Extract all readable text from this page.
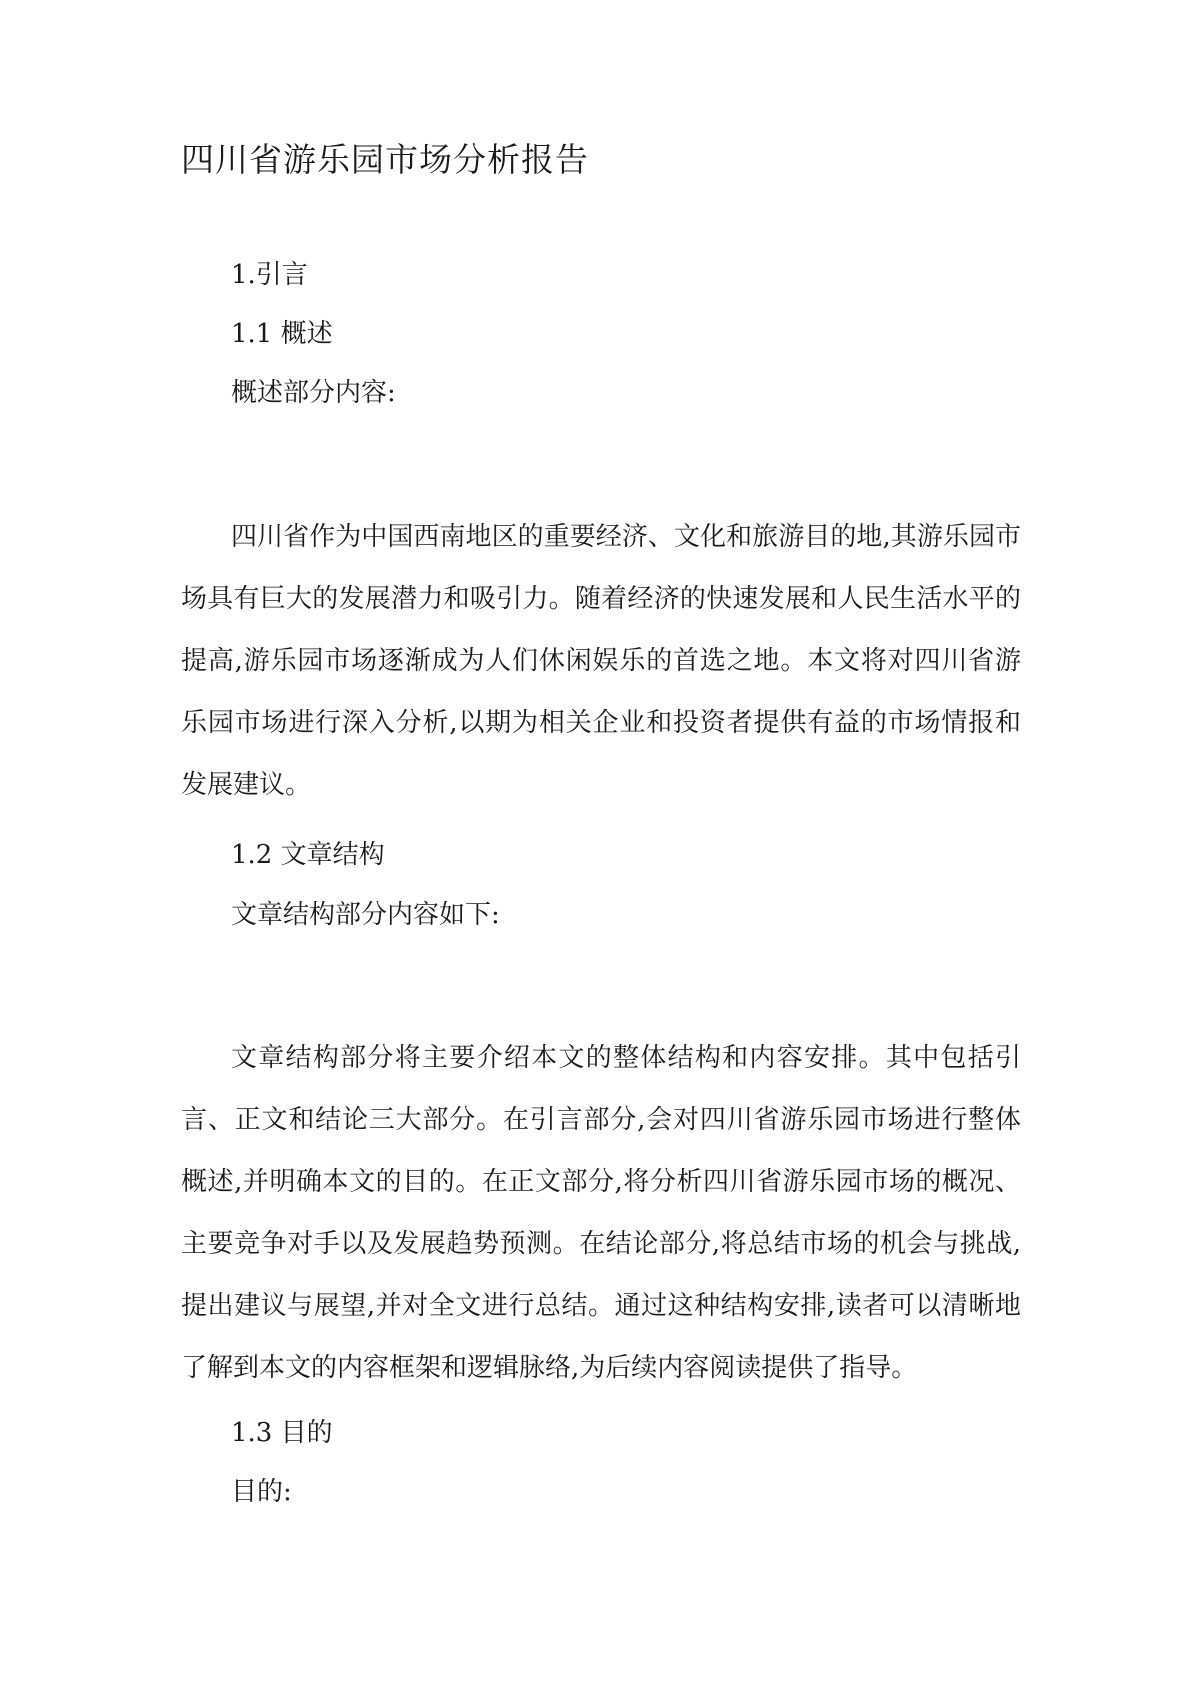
四川省游乐园市场分析报告
1.引言
1.1 概述
概述部分内容:
四川省作为中国西南地区的重要经济、文化和旅游目的地,其游乐园市场具有巨大的发展潜力和吸引力。随着经济的快速发展和人民生活水平的提高,游乐园市场逐渐成为人们休闲娱乐的首选之地。本文将对四川省游乐园市场进行深入分析,以期为相关企业和投资者提供有益的市场情报和发展建议。
1.2 文章结构
文章结构部分内容如下:
文章结构部分将主要介绍本文的整体结构和内容安排。其中包括引言、正文和结论三大部分。在引言部分,会对四川省游乐园市场进行整体概述,并明确本文的目的。在正文部分,将分析四川省游乐园市场的概况、主要竞争对手以及发展趋势预测。在结论部分,将总结市场的机会与挑战,提出建议与展望,并对全文进行总结。通过这种结构安排,读者可以清晰地了解到本文的内容框架和逻辑脉络,为后续内容阅读提供了指导。
1.3 目的
目的:
